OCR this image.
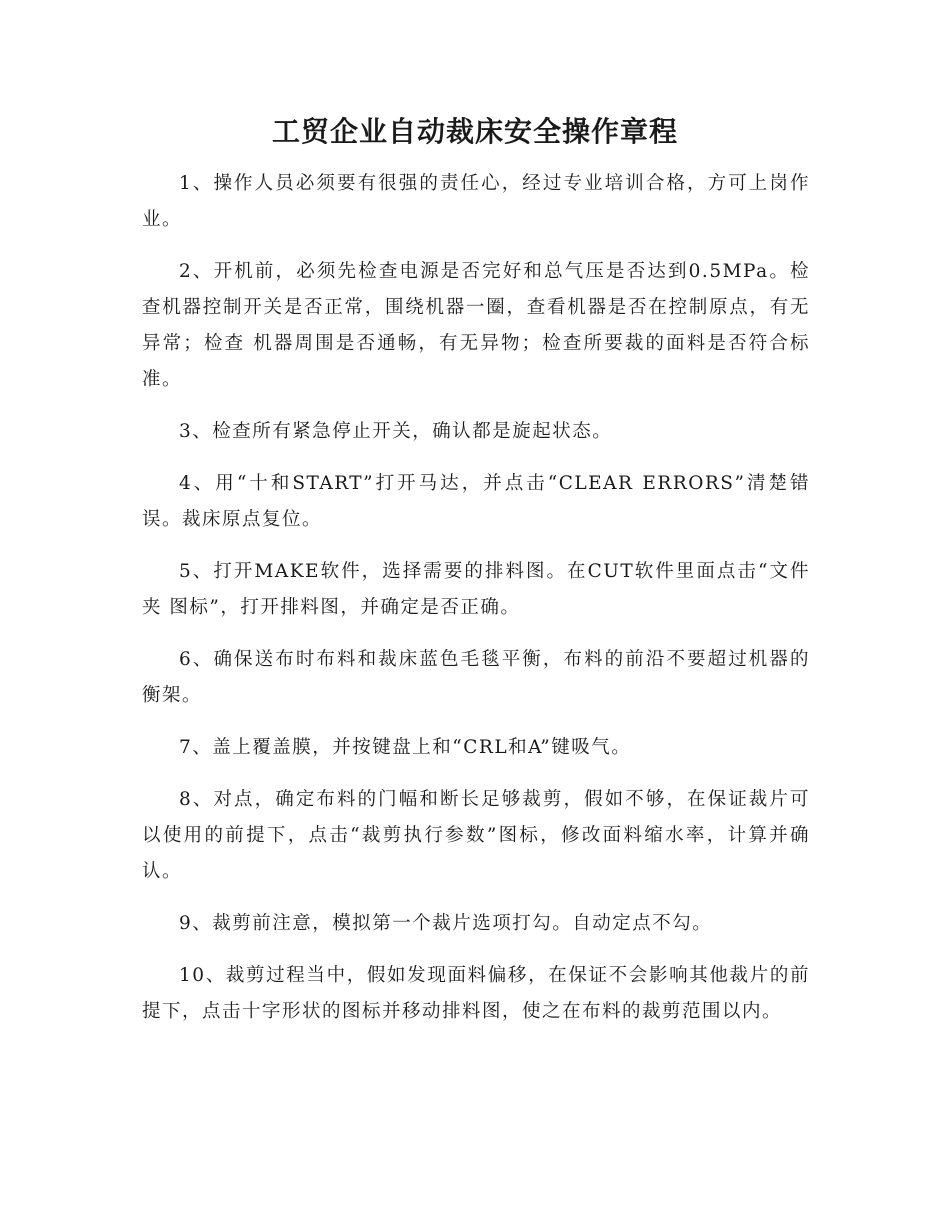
工贸企业自动裁床安全操作章程

1、操作人员必须要有很强的责任心，经过专业培训合格，方可上岗作业。

2、开机前，必须先检查电源是否完好和总气压是否达到0.5MPa。检查机器控制开关是否正常，围绕机器一圈，查看机器是否在控制原点，有无异常；检查 机器周围是否通畅，有无异物；检查所要裁的面料是否符合标准。

3、检查所有紧急停止开关，确认都是旋起状态。

4、用“十和START”打开马达，并点击“CLEAR ERRORS”清楚错误。裁床原点复位。

5、打开MAKE软件，选择需要的排料图。在CUT软件里面点击“文件夹 图标”，打开排料图，并确定是否正确。

6、确保送布时布料和裁床蓝色毛毯平衡，布料的前沿不要超过机器的衡架。

7、盖上覆盖膜，并按键盘上和“CRL和A”键吸气。

8、对点，确定布料的门幅和断长足够裁剪，假如不够，在保证裁片可以使用的前提下，点击“裁剪执行参数”图标，修改面料缩水率，计算并确认。

9、裁剪前注意，模拟第一个裁片选项打勾。自动定点不勾。

10、裁剪过程当中，假如发现面料偏移，在保证不会影响其他裁片的前提下，点击十字形状的图标并移动排料图，使之在布料的裁剪范围以内。
